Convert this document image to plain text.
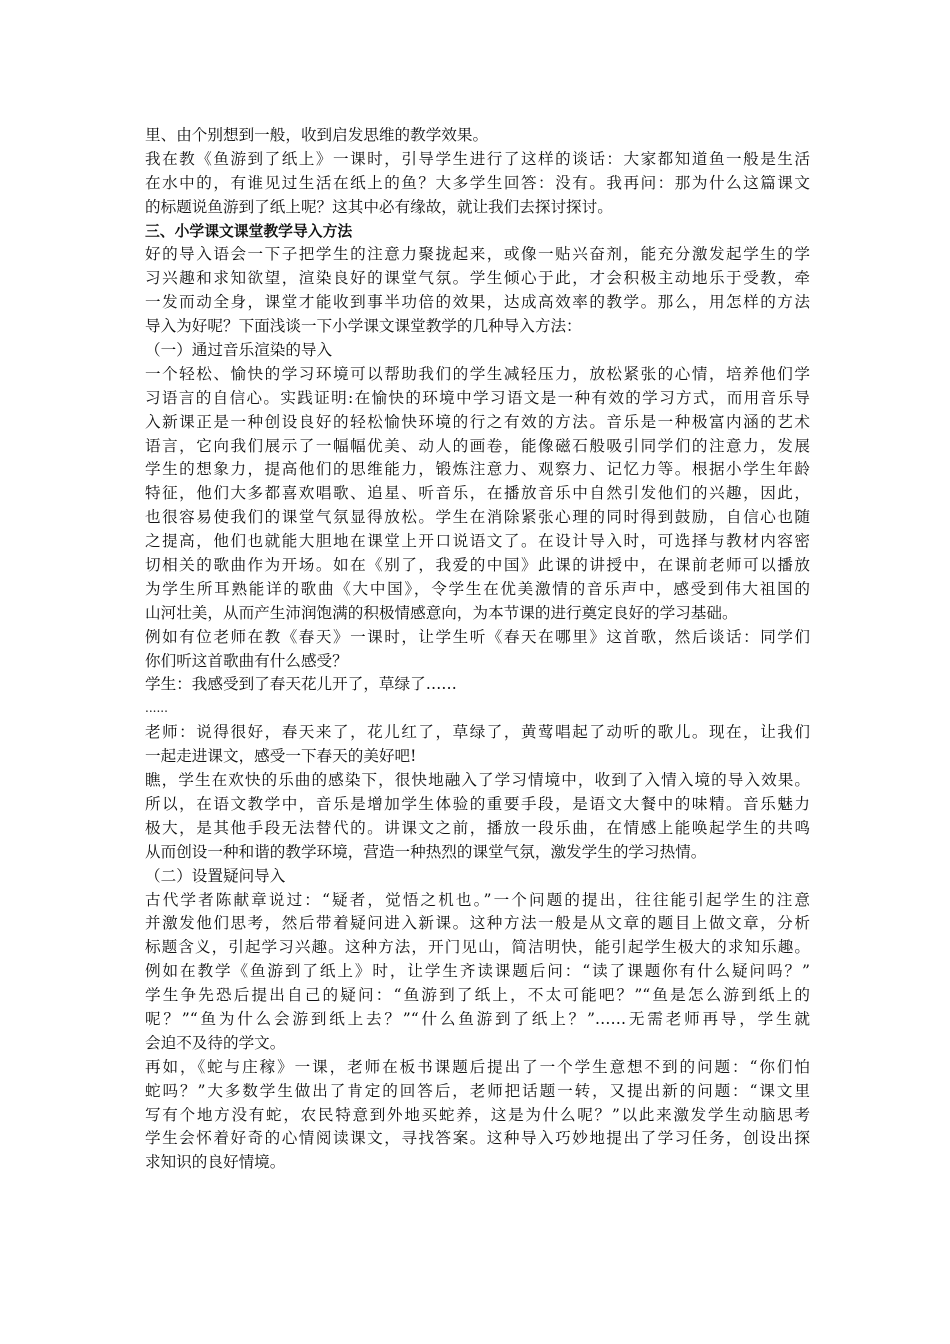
里、由个别想到一般，收到启发思维的教学效果。
我在教《鱼游到了纸上》一课时，引导学生进行了这样的谈话：大家都知道鱼一般是生活
在水中的，有谁见过生活在纸上的鱼？大多学生回答：没有。我再问：那为什么这篇课文
的标题说鱼游到了纸上呢？这其中必有缘故，就让我们去探讨探讨。
三、小学课文课堂教学导入方法
好的导入语会一下子把学生的注意力聚拢起来，或像一贴兴奋剂，能充分激发起学生的学
习兴趣和求知欲望，渲染良好的课堂气氛。学生倾心于此，才会积极主动地乐于受教，牵
一发而动全身，课堂才能收到事半功倍的效果，达成高效率的教学。那么，用怎样的方法
导入为好呢？下面浅谈一下小学课文课堂教学的几种导入方法：
（一）通过音乐渲染的导入
一个轻松、愉快的学习环境可以帮助我们的学生减轻压力，放松紧张的心情，培养他们学
习语言的自信心。实践证明:在愉快的环境中学习语文是一种有效的学习方式，而用音乐导
入新课正是一种创设良好的轻松愉快环境的行之有效的方法。音乐是一种极富内涵的艺术
语言，它向我们展示了一幅幅优美、动人的画卷，能像磁石般吸引同学们的注意力，发展
学生的想象力，提高他们的思维能力，锻炼注意力、观察力、记忆力等。根据小学生年龄
特征，他们大多都喜欢唱歌、追星、听音乐，在播放音乐中自然引发他们的兴趣，因此，
也很容易使我们的课堂气氛显得放松。学生在消除紧张心理的同时得到鼓励，自信心也随
之提高，他们也就能大胆地在课堂上开口说语文了。在设计导入时，可选择与教材内容密
切相关的歌曲作为开场。如在《别了，我爱的中国》此课的讲授中，在课前老师可以播放
为学生所耳熟能详的歌曲《大中国》，令学生在优美激情的音乐声中，感受到伟大祖国的
山河壮美，从而产生沛润饱满的积极情感意向，为本节课的进行奠定良好的学习基础。
例如有位老师在教《春天》一课时，让学生听《春天在哪里》这首歌，然后谈话：同学们
你们听这首歌曲有什么感受？
学生：我感受到了春天花儿开了，草绿了……
......
老师：说得很好，春天来了，花儿红了，草绿了，黄莺唱起了动听的歌儿。现在，让我们
一起走进课文，感受一下春天的美好吧!
瞧，学生在欢快的乐曲的感染下，很快地融入了学习情境中，收到了入情入境的导入效果。
所以，在语文教学中，音乐是增加学生体验的重要手段，是语文大餐中的味精。音乐魅力
极大，是其他手段无法替代的。讲课文之前，播放一段乐曲，在情感上能唤起学生的共鸣
从而创设一种和谐的教学环境，营造一种热烈的课堂气氛，激发学生的学习热情。
（二）设置疑问导入
古代学者陈献章说过：“疑者，觉悟之机也。”一个问题的提出，往往能引起学生的注意
并激发他们思考，然后带着疑问进入新课。这种方法一般是从文章的题目上做文章，分析
标题含义，引起学习兴趣。这种方法，开门见山，简洁明快，能引起学生极大的求知乐趣。
例如在教学《鱼游到了纸上》时，让学生齐读课题后问：“读了课题你有什么疑问吗？”
学生争先恐后提出自己的疑问：“鱼游到了纸上，不太可能吧？”“鱼是怎么游到纸上的
呢？”“鱼为什么会游到纸上去？”“什么鱼游到了纸上？”……无需老师再导，学生就
会迫不及待的学文。
再如，《蛇与庄稼》一课，老师在板书课题后提出了一个学生意想不到的问题：“你们怕
蛇吗？”大多数学生做出了肯定的回答后，老师把话题一转，又提出新的问题：“课文里
写有个地方没有蛇，农民特意到外地买蛇养，这是为什么呢？”以此来激发学生动脑思考
学生会怀着好奇的心情阅读课文，寻找答案。这种导入巧妙地提出了学习任务，创设出探
求知识的良好情境。
